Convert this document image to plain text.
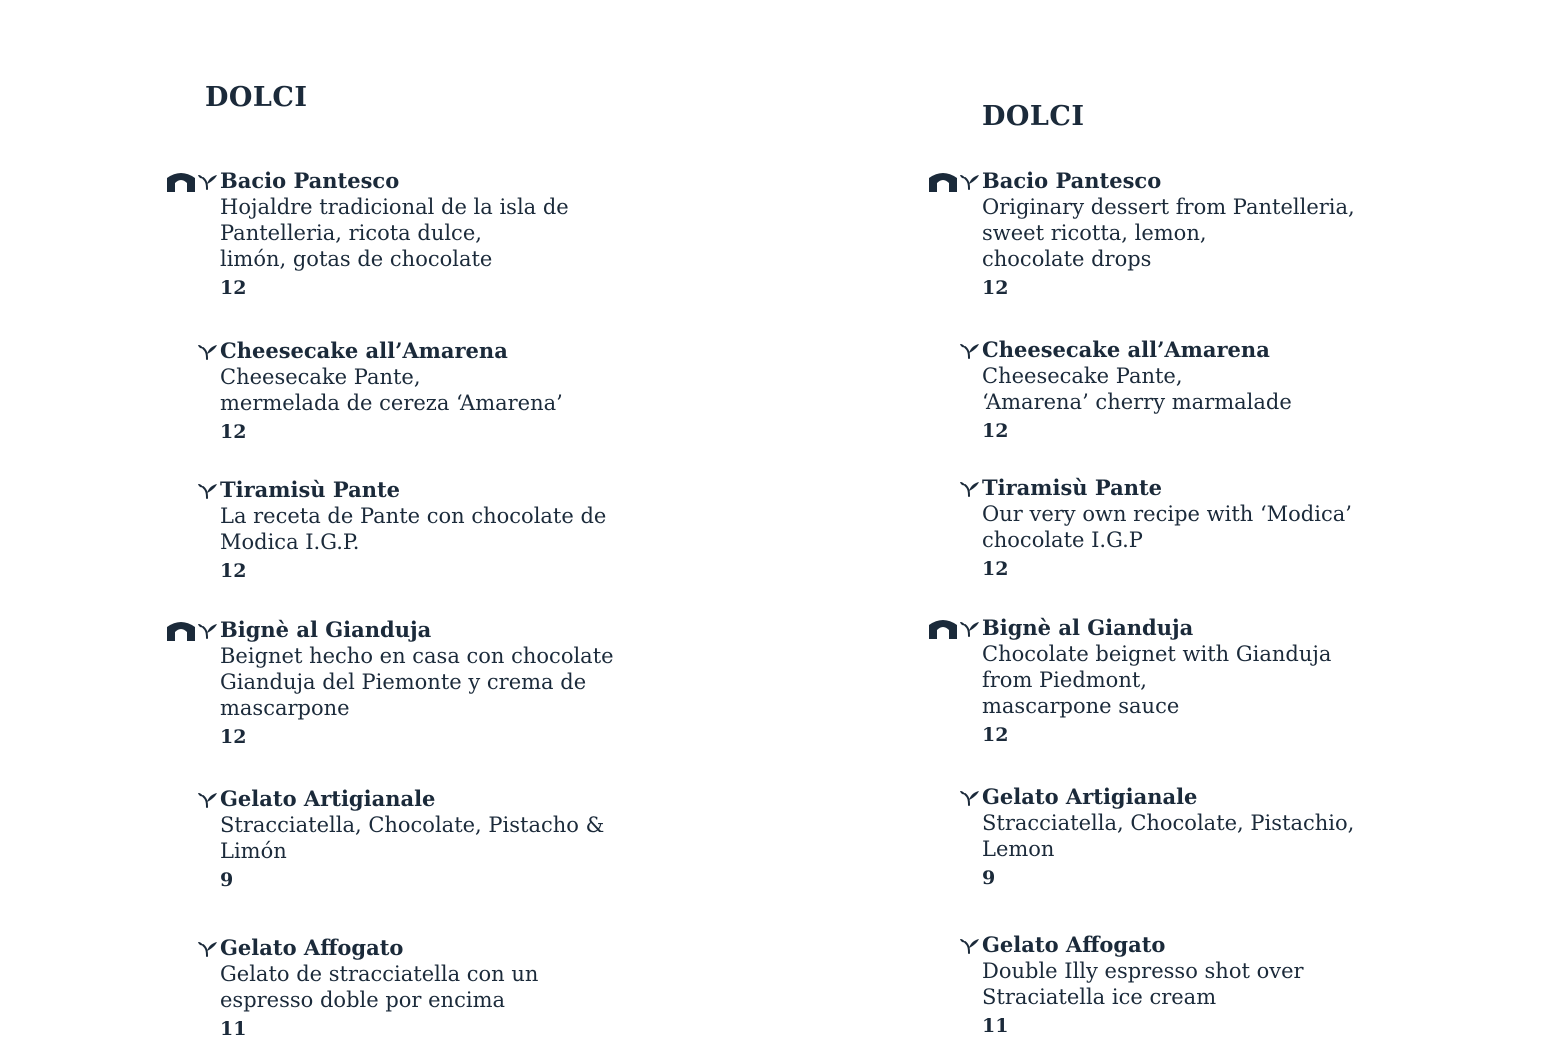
DOLCI
Bacio Pantesco
Hojaldre tradicional de la isla de
Pantelleria, ricota dulce,
limón, gotas de chocolate
12
Cheesecake all’Amarena
Cheesecake Pante,
mermelada de cereza ‘Amarena’
12
Tiramisù Pante
La receta de Pante con chocolate de
Modica I.G.P.
12
Bignè al Gianduja
Beignet hecho en casa con chocolate
Gianduja del Piemonte y crema de
mascarpone
12
Gelato Artigianale
Stracciatella, Chocolate, Pistacho &
Limón
9
Gelato Affogato
Gelato de stracciatella con un
espresso doble por encima
11
DOLCI
Bacio Pantesco
Originary dessert from Pantelleria,
sweet ricotta, lemon,
chocolate drops
12
Cheesecake all’Amarena
Cheesecake Pante,
‘Amarena’ cherry marmalade
12
Tiramisù Pante
Our very own recipe with ‘Modica’
chocolate I.G.P
12
Bignè al Gianduja
Chocolate beignet with Gianduja
from Piedmont,
mascarpone sauce
12
Gelato Artigianale
Stracciatella, Chocolate, Pistachio,
Lemon
9
Gelato Affogato
Double Illy espresso shot over
Straciatella ice cream
11
